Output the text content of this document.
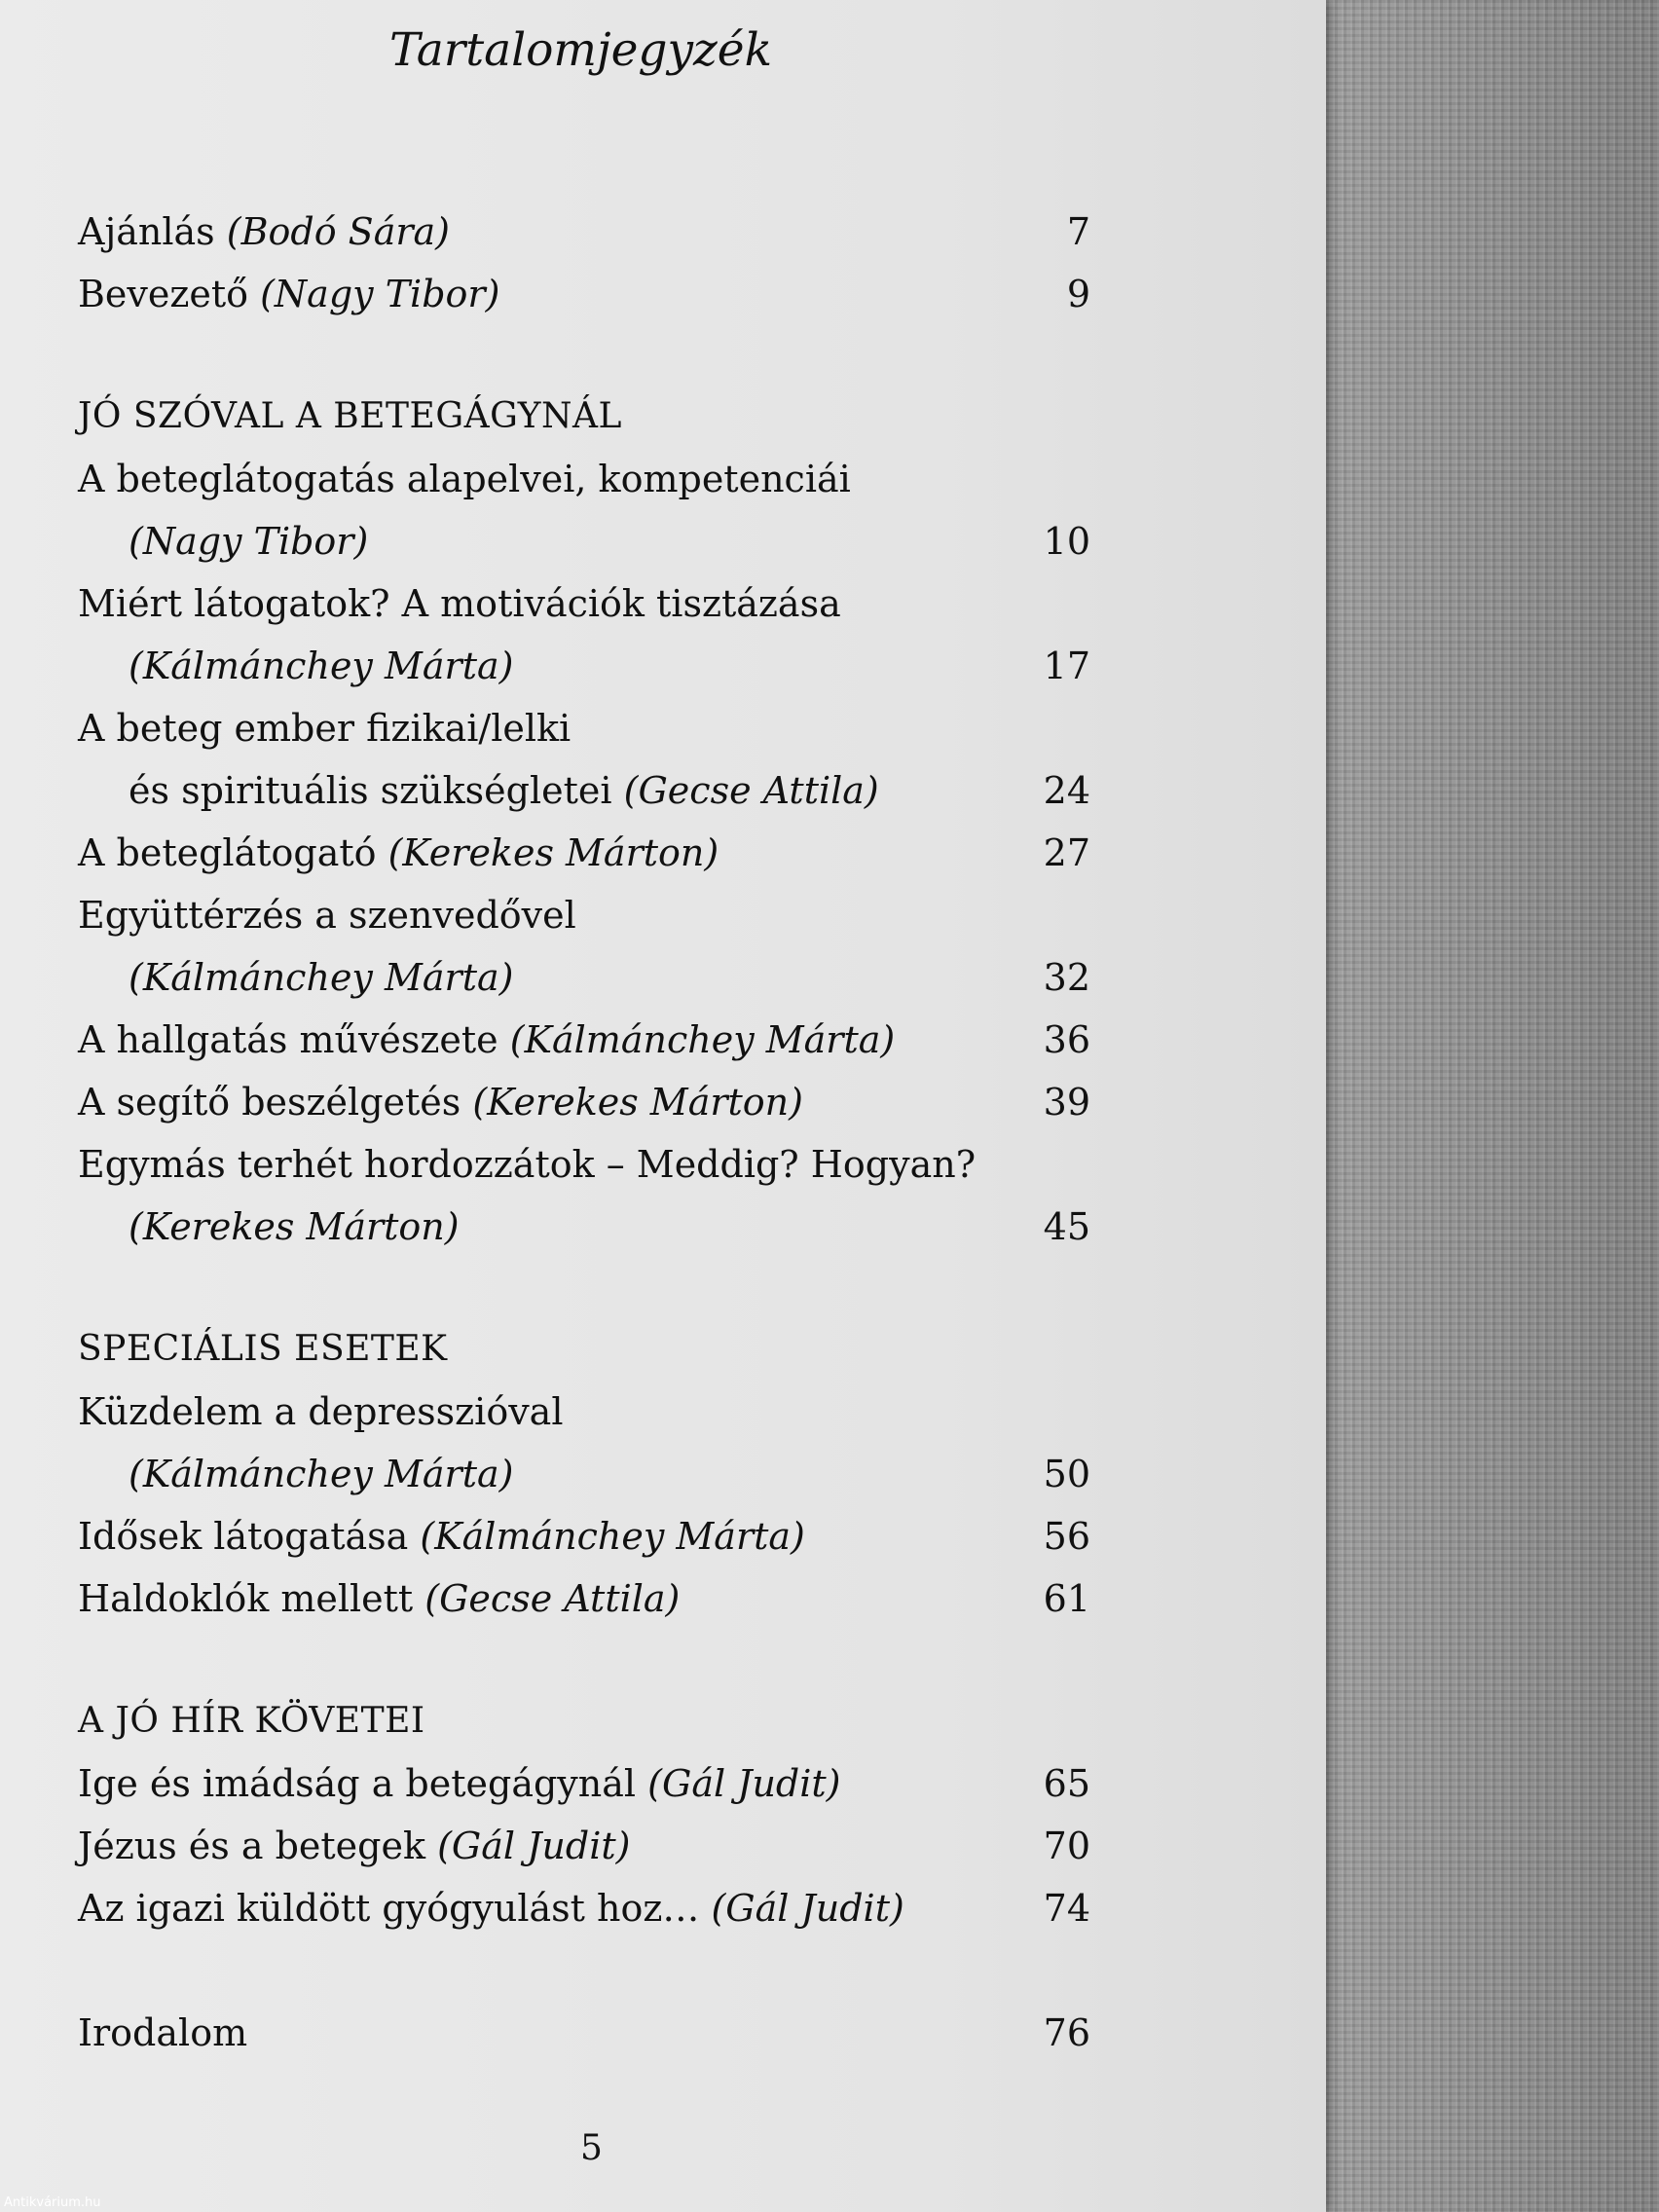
Tartalomjegyzék
Ajánlás (Bodó Sára)	7
Bevezető (Nagy Tibor)	9
JÓ SZÓVAL A BETEGÁGYNÁL
A beteglátogatás alapelvei, kompetenciái
(Nagy Tibor)	10
Miért látogatok? A motivációk tisztázása
(Kálmánchey Márta)	17
A beteg ember fizikai/lelki
és spirituális szükségletei (Gecse Attila)	24
A beteglátogató (Kerekes Márton)	27
Együttérzés a szenvedővel
(Kálmánchey Márta)	32
A hallgatás művészete (Kálmánchey Márta)	36
A segítő beszélgetés (Kerekes Márton)	39
Egymás terhét hordozzátok – Meddig? Hogyan?
(Kerekes Márton)	45
SPECIÁLIS ESETEK
Küzdelem a depresszióval
(Kálmánchey Márta)	50
Idősek látogatása (Kálmánchey Márta)	56
Haldoklók mellett (Gecse Attila)	61
A JÓ HÍR KÖVETEI
Ige és imádság a betegágynál (Gál Judit)	65
Jézus és a betegek (Gál Judit)	70
Az igazi küldött gyógyulást hoz… (Gál Judit)	74
Irodalom	76
5
Antikvárium.hu
